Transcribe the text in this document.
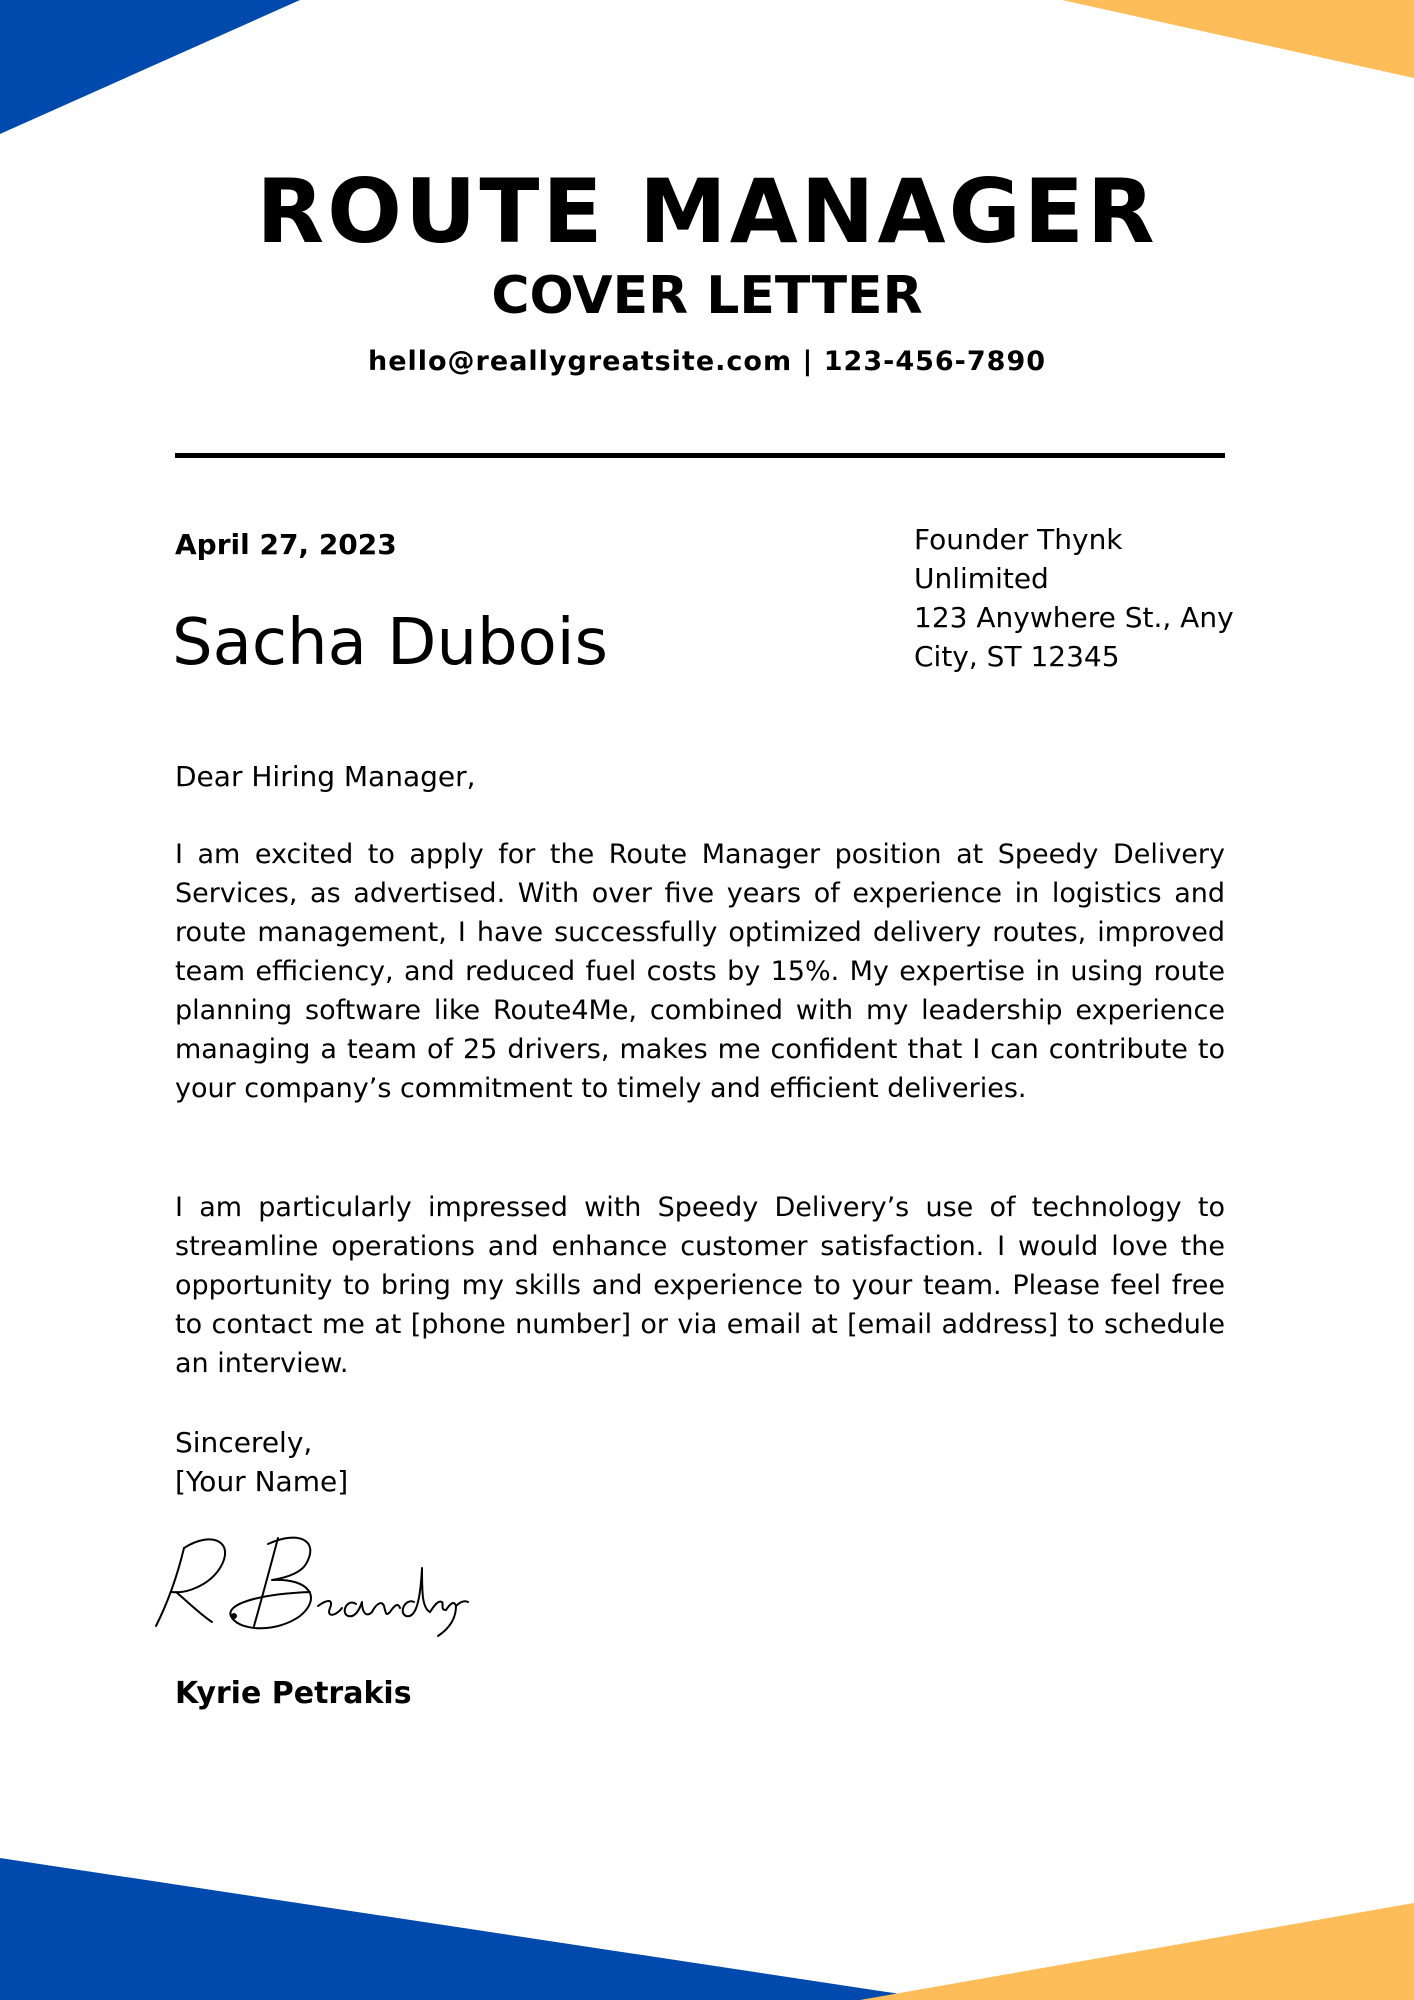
ROUTE MANAGER
COVER LETTER
hello@reallygreatsite.com | 123-456-7890
April 27, 2023
Sacha Dubois
Founder Thynk
Unlimited
123 Anywhere St., Any
City, ST 12345
Dear Hiring Manager,
I am excited to apply for the Route Manager position at Speedy Delivery Services, as advertised. With over five years of experience in logistics and route management, I have successfully optimized delivery routes, improved team efficiency, and reduced fuel costs by 15%. My expertise in using route planning software like Route4Me, combined with my leadership experience managing a team of 25 drivers, makes me confident that I can contribute to your company’s commitment to timely and efficient deliveries.
I am particularly impressed with Speedy Delivery’s use of technology to streamline operations and enhance customer satisfaction. I would love the opportunity to bring my skills and experience to your team. Please feel free to contact me at [phone number] or via email at [email address] to schedule an interview.
Sincerely,
[Your Name]
Kyrie Petrakis
